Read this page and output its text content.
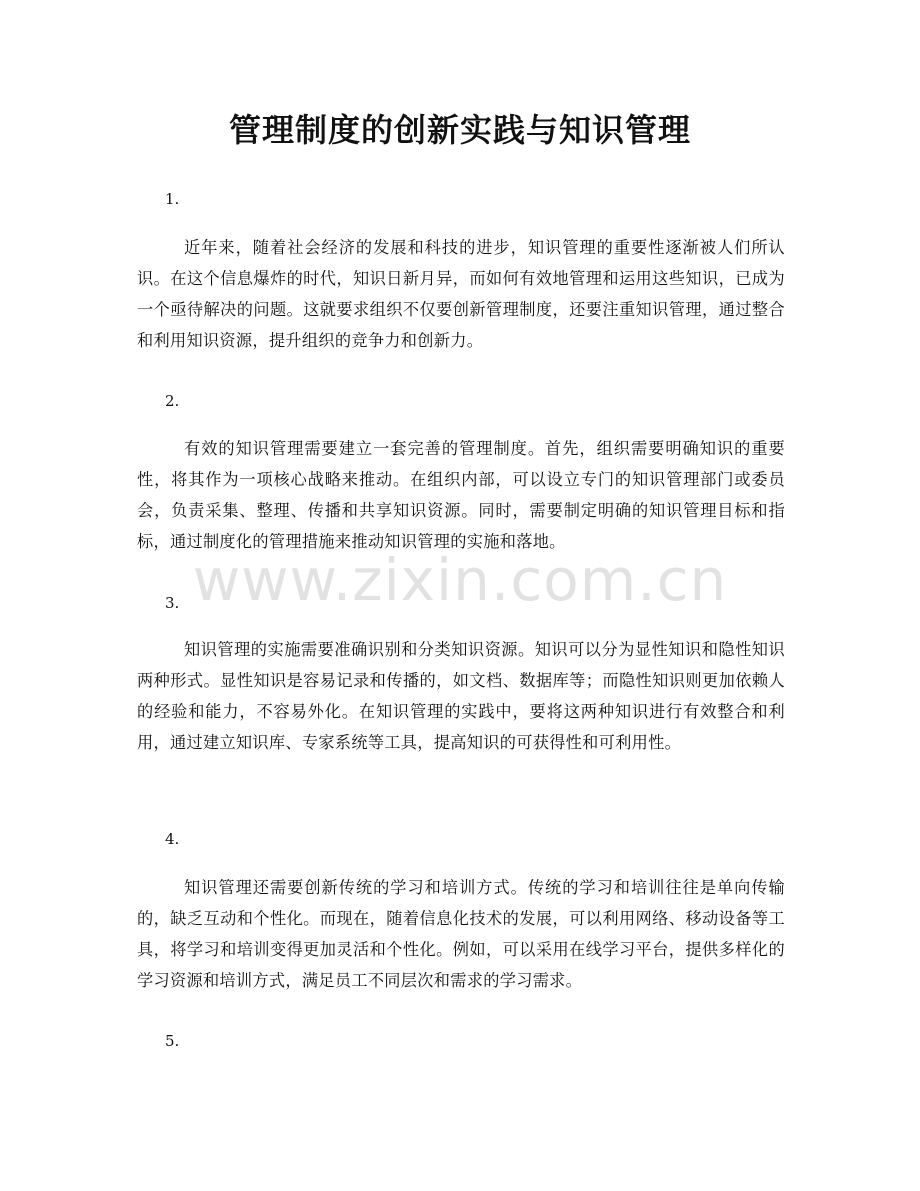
管理制度的创新实践与知识管理

1.

近年来，随着社会经济的发展和科技的进步，知识管理的重要性逐渐被人们所认识。在这个信息爆炸的时代，知识日新月异，而如何有效地管理和运用这些知识，已成为一个亟待解决的问题。这就要求组织不仅要创新管理制度，还要注重知识管理，通过整合和利用知识资源，提升组织的竞争力和创新力。

2.

有效的知识管理需要建立一套完善的管理制度。首先，组织需要明确知识的重要性，将其作为一项核心战略来推动。在组织内部，可以设立专门的知识管理部门或委员会，负责采集、整理、传播和共享知识资源。同时，需要制定明确的知识管理目标和指标，通过制度化的管理措施来推动知识管理的实施和落地。

3.

知识管理的实施需要准确识别和分类知识资源。知识可以分为显性知识和隐性知识两种形式。显性知识是容易记录和传播的，如文档、数据库等；而隐性知识则更加依赖人的经验和能力，不容易外化。在知识管理的实践中，要将这两种知识进行有效整合和利用，通过建立知识库、专家系统等工具，提高知识的可获得性和可利用性。

4.

知识管理还需要创新传统的学习和培训方式。传统的学习和培训往往是单向传输的，缺乏互动和个性化。而现在，随着信息化技术的发展，可以利用网络、移动设备等工具，将学习和培训变得更加灵活和个性化。例如，可以采用在线学习平台，提供多样化的学习资源和培训方式，满足员工不同层次和需求的学习需求。

5.

www.zixin.com.cn
